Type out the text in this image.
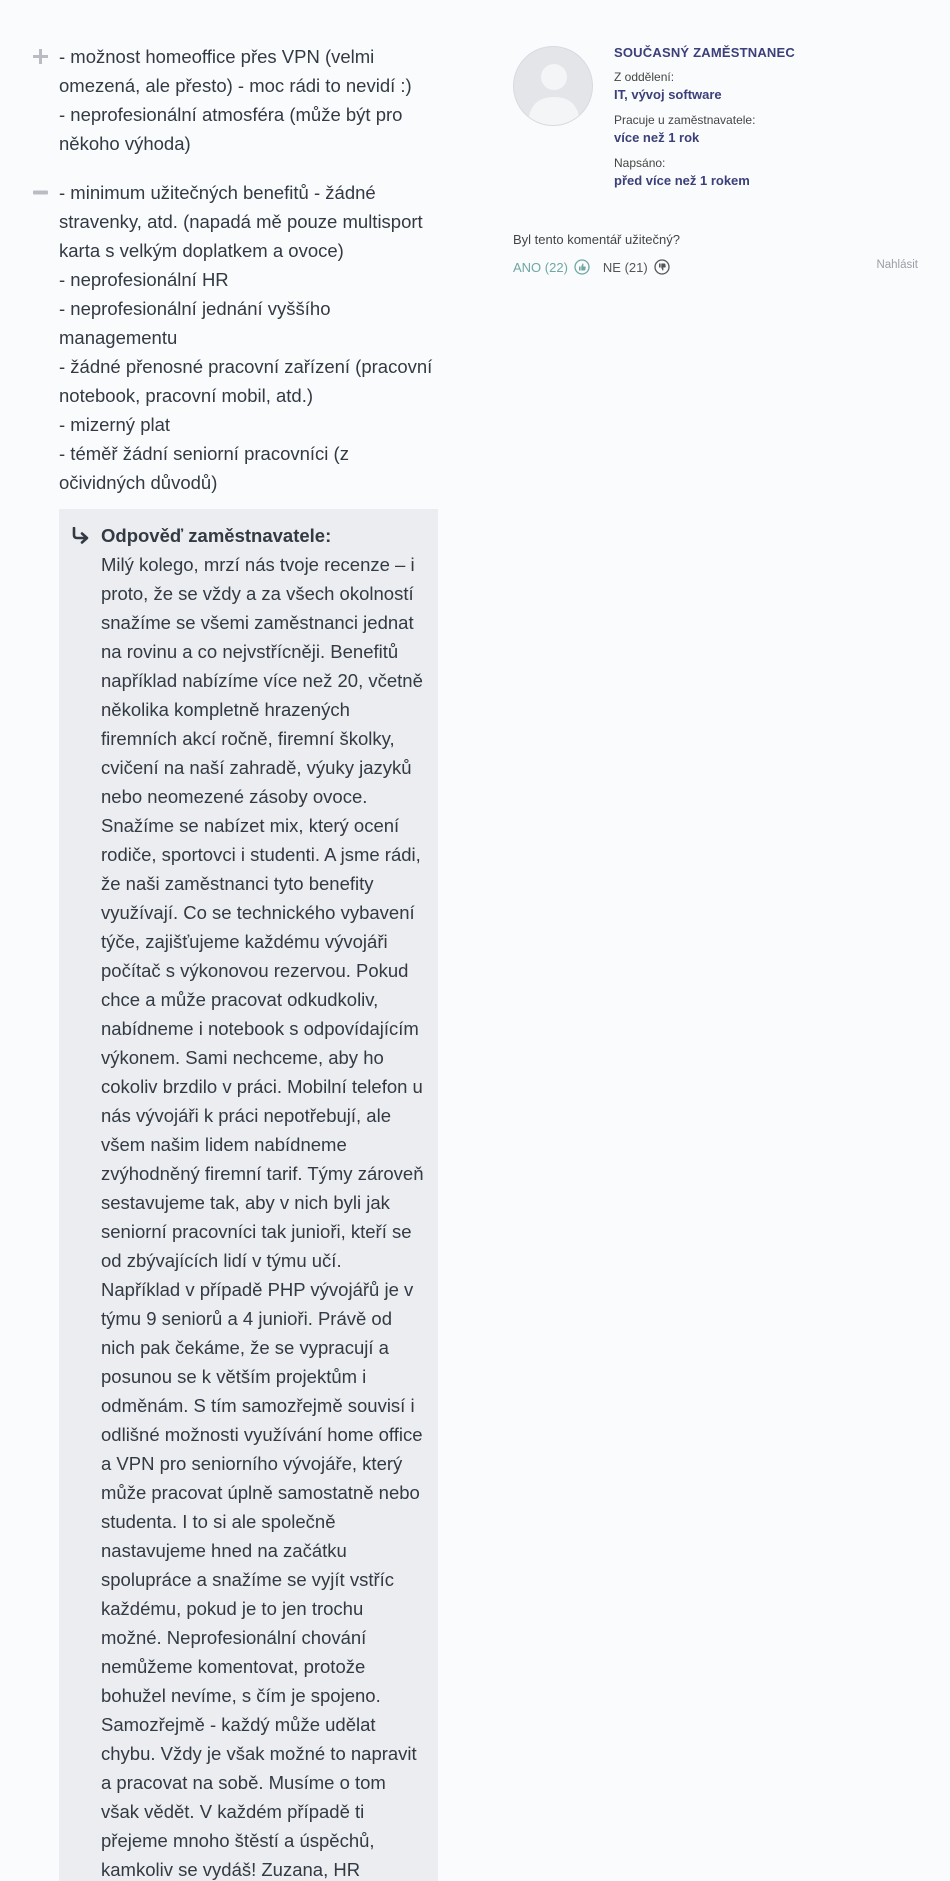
- možnost homeoffice přes VPN (velmi omezená, ale přesto) - moc rádi to nevidí :)
- neprofesionální atmosféra (může být pro někoho výhoda)

- minimum užitečných benefitů - žádné stravenky, atd. (napadá mě pouze multisport karta s velkým doplatkem a ovoce)
- neprofesionální HR
- neprofesionální jednání vyššího managementu
- žádné přenosné pracovní zařízení (pracovní notebook, pracovní mobil, atd.)
- mizerný plat
- téměř žádní seniorní pracovníci (z očividných důvodů)

Odpověď zaměstnavatele:

Milý kolego, mrzí nás tvoje recenze – i proto, že se vždy a za všech okolností snažíme se všemi zaměstnanci jednat na rovinu a co nejvstřícněji. Benefitů například nabízíme více než 20, včetně několika kompletně hrazených firemních akcí ročně, firemní školky, cvičení na naší zahradě, výuky jazyků nebo neomezené zásoby ovoce. Snažíme se nabízet mix, který ocení rodiče, sportovci i studenti. A jsme rádi, že naši zaměstnanci tyto benefity využívají. Co se technického vybavení týče, zajišťujeme každému vývojáři počítač s výkonovou rezervou. Pokud chce a může pracovat odkudkoliv, nabídneme i notebook s odpovídajícím výkonem. Sami nechceme, aby ho cokoliv brzdilo v práci. Mobilní telefon u nás vývojáři k práci nepotřebují, ale všem našim lidem nabídneme zvýhodněný firemní tarif. Týmy zároveň sestavujeme tak, aby v nich byli jak seniorní pracovníci tak junioři, kteří se od zbývajících lidí v týmu učí. Například v případě PHP vývojářů je v týmu 9 seniorů a 4 junioři. Právě od nich pak čekáme, že se vypracují a posunou se k větším projektům i odměnám. S tím samozřejmě souvisí i odlišné možnosti využívání home office a VPN pro seniorního vývojáře, který může pracovat úplně samostatně nebo studenta. I to si ale společně nastavujeme hned na začátku spolupráce a snažíme se vyjít vstříc každému, pokud je to jen trochu možné. Neprofesionální chování nemůžeme komentovat, protože bohužel nevíme, s čím je spojeno. Samozřejmě - každý může udělat chybu. Vždy je však možné to napravit a pracovat na sobě. Musíme o tom však vědět. V každém případě ti přejeme mnoho štěstí a úspěchů, kamkoliv se vydáš! Zuzana, HR

SOUČASNÝ ZAMĚSTNANEC
Z oddělení:
IT, vývoj software
Pracuje u zaměstnavatele:
více než 1 rok
Napsáno:
před více než 1 rokem
Byl tento komentář užitečný?
ANO (22)	NE (21)	Nahlásit
